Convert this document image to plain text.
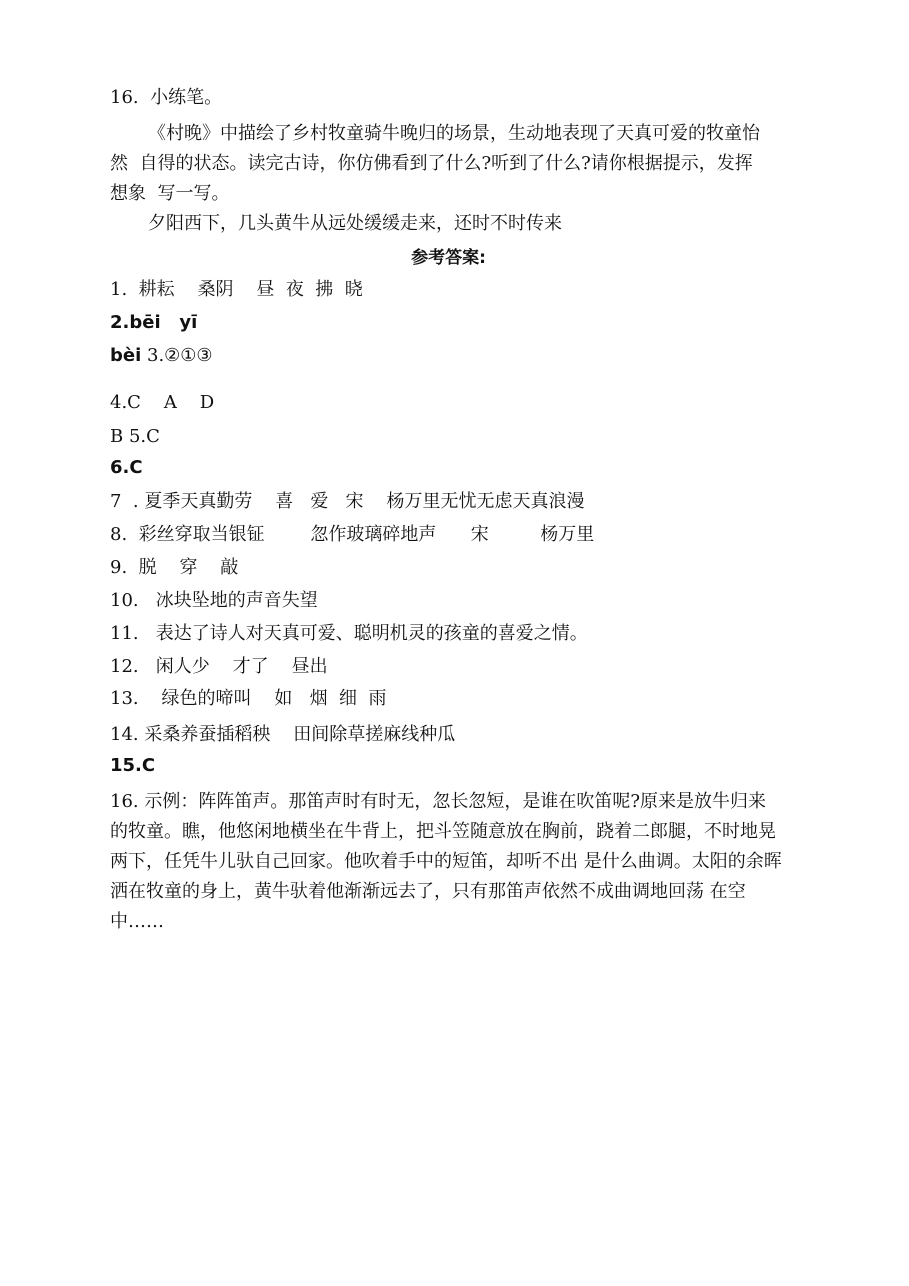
16.  小练笔。

《村晚》中描绘了乡村牧童骑牛晚归的场景，生动地表现了天真可爱的牧童怡

然  自得的状态。读完古诗，你仿佛看到了什么?听到了什么?请你根据提示，发挥

想象  写一写。

夕阳西下，几头黄牛从远处缓缓走来，还时不时传来

参考答案:

1.  耕耘    桑阴    昼  夜  拂  晓

2.bēi   yī

bèi 3.②①③

4.C    A    D

B 5.C

6.C

7  . 夏季天真勤劳    喜   爱   宋    杨万里无忧无虑天真浪漫

8.  彩丝穿取当银钲        忽作玻璃碎地声      宋         杨万里

9.  脱    穿    敲

10.   冰块坠地的声音失望

11.   表达了诗人对天真可爱、聪明机灵的孩童的喜爱之情。

12.   闲人少    才了    昼出

13.    绿色的啼叫    如   烟  细  雨

14. 采桑养蚕插稻秧    田间除草搓麻线种瓜

15.C

16. 示例：阵阵笛声。那笛声时有时无，忽长忽短，是谁在吹笛呢?原来是放牛归来

的牧童。瞧，他悠闲地横坐在牛背上，把斗笠随意放在胸前，跷着二郎腿，不时地晃

两下，任凭牛儿驮自己回家。他吹着手中的短笛，却听不出 是什么曲调。太阳的余晖

洒在牧童的身上，黄牛驮着他渐渐远去了，只有那笛声依然不成曲调地回荡 在空

中……
